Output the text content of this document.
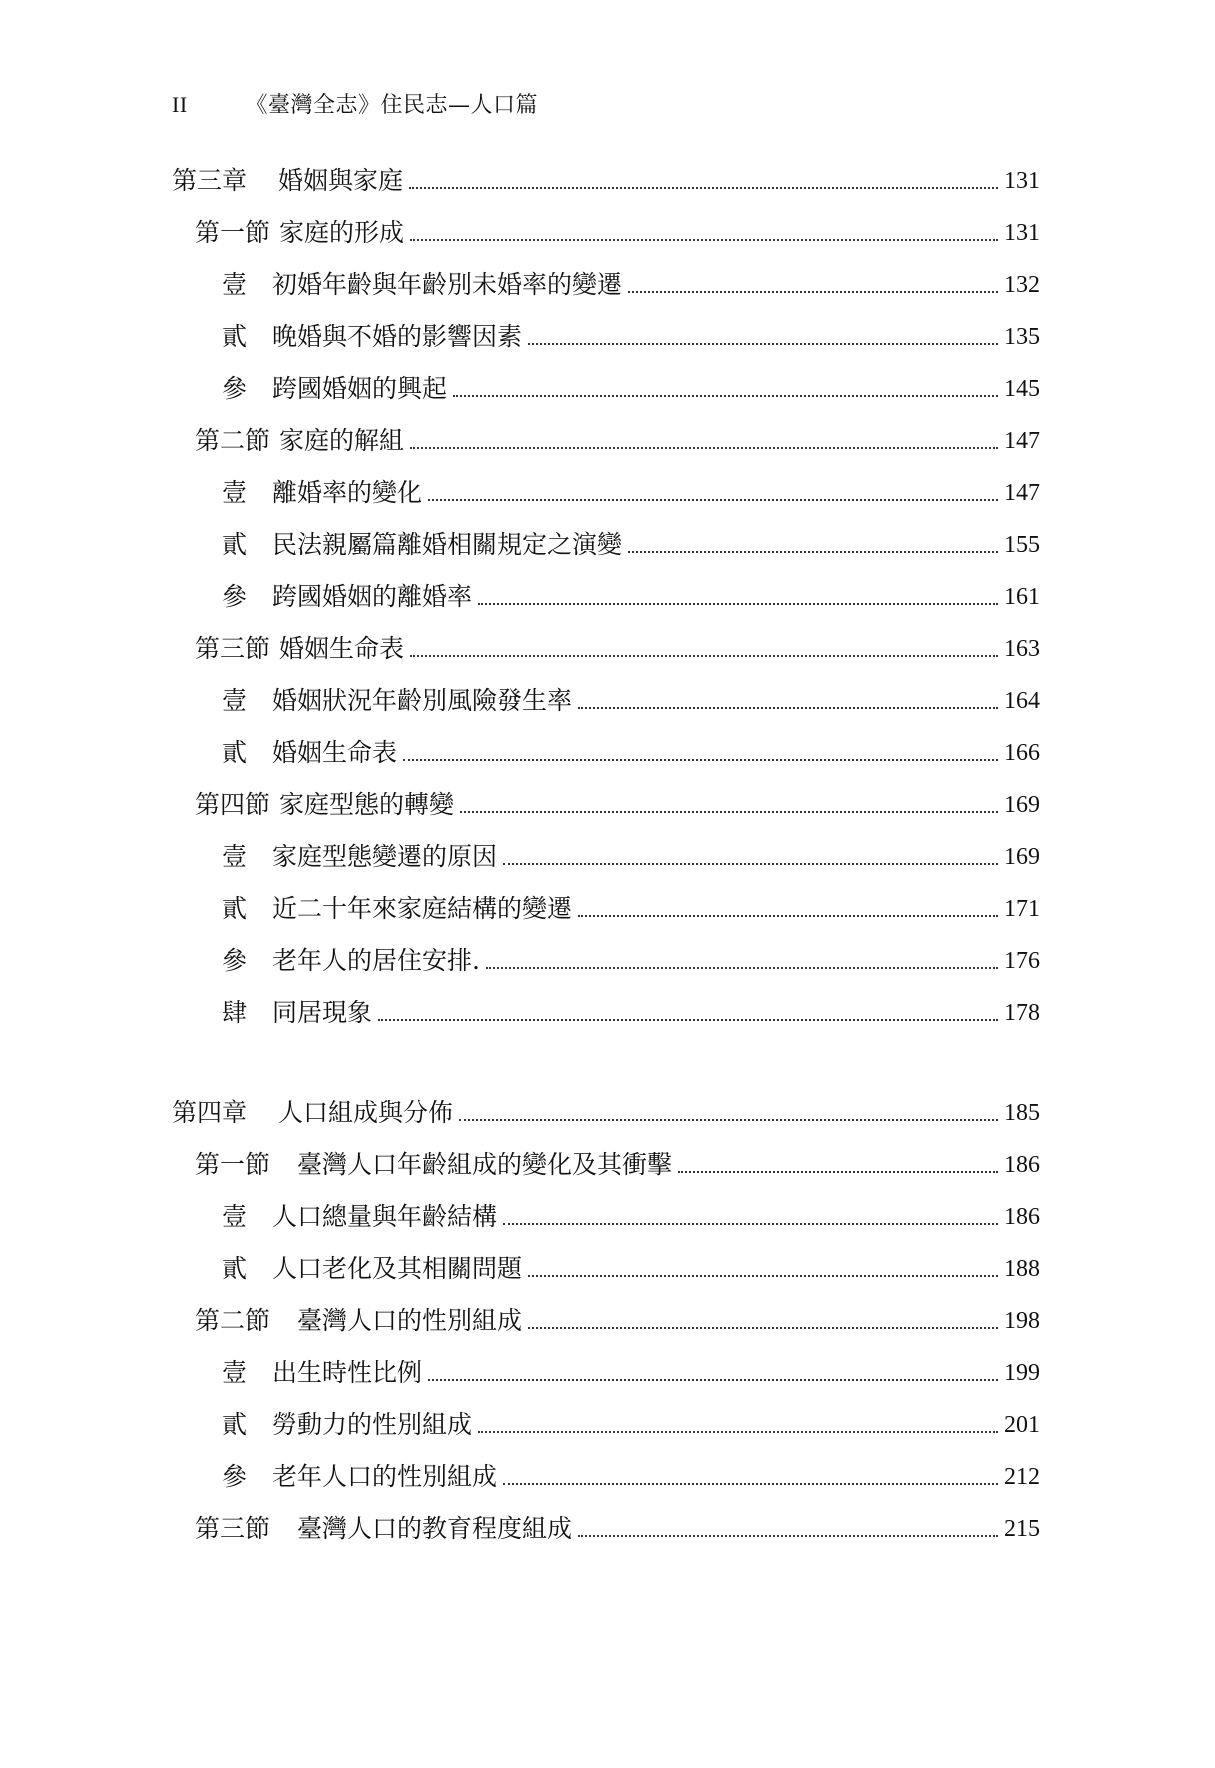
II	《臺灣全志》住民志—人口篇
第三章	婚姻與家庭	131
第一節 家庭的形成	131
壹 初婚年齡與年齡別未婚率的變遷	132
貳 晚婚與不婚的影響因素	135
參 跨國婚姻的興起	145
第二節 家庭的解組	147
壹 離婚率的變化	147
貳 民法親屬篇離婚相關規定之演變	155
參 跨國婚姻的離婚率	161
第三節 婚姻生命表	163
壹 婚姻狀況年齡別風險發生率	164
貳 婚姻生命表	166
第四節 家庭型態的轉變	169
壹 家庭型態變遷的原因	169
貳 近二十年來家庭結構的變遷	171
參 老年人的居住安排.	176
肆 同居現象	178
第四章	人口組成與分佈	185
第一節	臺灣人口年齡組成的變化及其衝擊	186
壹 人口總量與年齡結構	186
貳 人口老化及其相關問題	188
第二節	臺灣人口的性別組成	198
壹 出生時性比例	199
貳 勞動力的性別組成	201
參 老年人口的性別組成	212
第三節	臺灣人口的教育程度組成	215
